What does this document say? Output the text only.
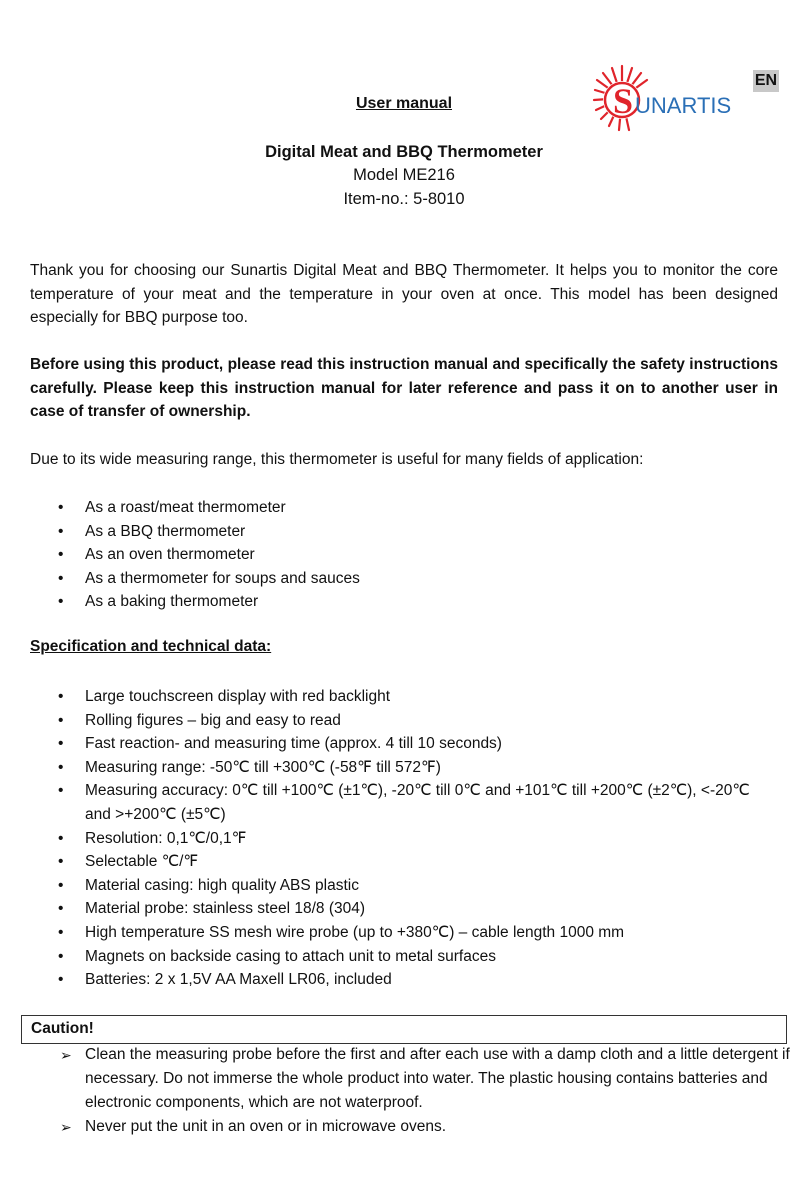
EN
S UNARTIS
User manual
Digital Meat and BBQ Thermometer
Model ME216
Item-no.: 5-8010
Thank you for choosing our Sunartis Digital Meat and BBQ Thermometer. It helps you to monitor the core temperature of your meat and the temperature in your oven at once. This model has been designed especially for BBQ purpose too.
Before using this product, please read this instruction manual and specifically the safety instructions carefully. Please keep this instruction manual for later reference and pass it on to another user in case of transfer of ownership.
Due to its wide measuring range, this thermometer is useful for many fields of application:
• As a roast/meat thermometer
• As a BBQ thermometer
• As an oven thermometer
• As a thermometer for soups and sauces
• As a baking thermometer
Specification and technical data:
• Large touchscreen display with red backlight
• Rolling figures – big and easy to read
• Fast reaction- and measuring time (approx. 4 till 10 seconds)
• Measuring range: -50℃ till +300℃ (-58℉ till 572℉)
• Measuring accuracy: 0℃ till +100℃ (±1℃), -20℃ till 0℃ and +101℃ till +200℃ (±2℃), <-20℃ and >+200℃ (±5℃)
• Resolution: 0,1℃/0,1℉
• Selectable ℃/℉
• Material casing: high quality ABS plastic
• Material probe: stainless steel 18/8 (304)
• High temperature SS mesh wire probe (up to +380℃) – cable length 1000 mm
• Magnets on backside casing to attach unit to metal surfaces
• Batteries: 2 x 1,5V AA Maxell LR06, included
Caution!
➢ Clean the measuring probe before the first and after each use with a damp cloth and a little detergent if necessary. Do not immerse the whole product into water. The plastic housing contains batteries and electronic components, which are not waterproof.
➢ Never put the unit in an oven or in microwave ovens.
